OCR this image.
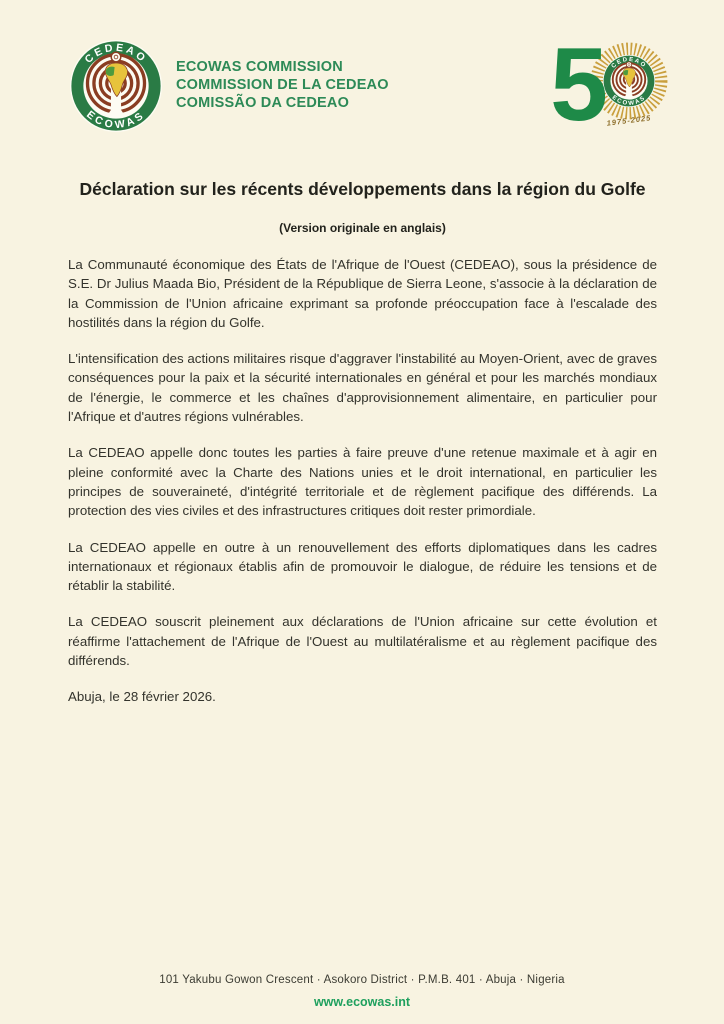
ECOWAS COMMISSION
COMMISSION DE LA CEDEAO
COMISSÃO DA CEDEAO	5 1975-2025
Déclaration sur les récents développements dans la région du Golfe
(Version originale en anglais)

La Communauté économique des États de l'Afrique de l'Ouest (CEDEAO), sous la présidence de S.E. Dr Julius Maada Bio, Président de la République de Sierra Leone, s'associe à la déclaration de la Commission de l'Union africaine exprimant sa profonde préoccupation face à l'escalade des hostilités dans la région du Golfe.

L'intensification des actions militaires risque d'aggraver l'instabilité au Moyen-Orient, avec de graves conséquences pour la paix et la sécurité internationales en général et pour les marchés mondiaux de l'énergie, le commerce et les chaînes d'approvisionnement alimentaire, en particulier pour l'Afrique et d'autres régions vulnérables.

La CEDEAO appelle donc toutes les parties à faire preuve d'une retenue maximale et à agir en pleine conformité avec la Charte des Nations unies et le droit international, en particulier les principes de souveraineté, d'intégrité territoriale et de règlement pacifique des différends. La protection des vies civiles et des infrastructures critiques doit rester primordiale.

La CEDEAO appelle en outre à un renouvellement des efforts diplomatiques dans les cadres internationaux et régionaux établis afin de promouvoir le dialogue, de réduire les tensions et de rétablir la stabilité.

La CEDEAO souscrit pleinement aux déclarations de l'Union africaine sur cette évolution et réaffirme l'attachement de l'Afrique de l'Ouest au multilatéralisme et au règlement pacifique des différends.

Abuja, le 28 février 2026.

101 Yakubu Gowon Crescent · Asokoro District · P.M.B. 401 · Abuja · Nigeria
www.ecowas.int
